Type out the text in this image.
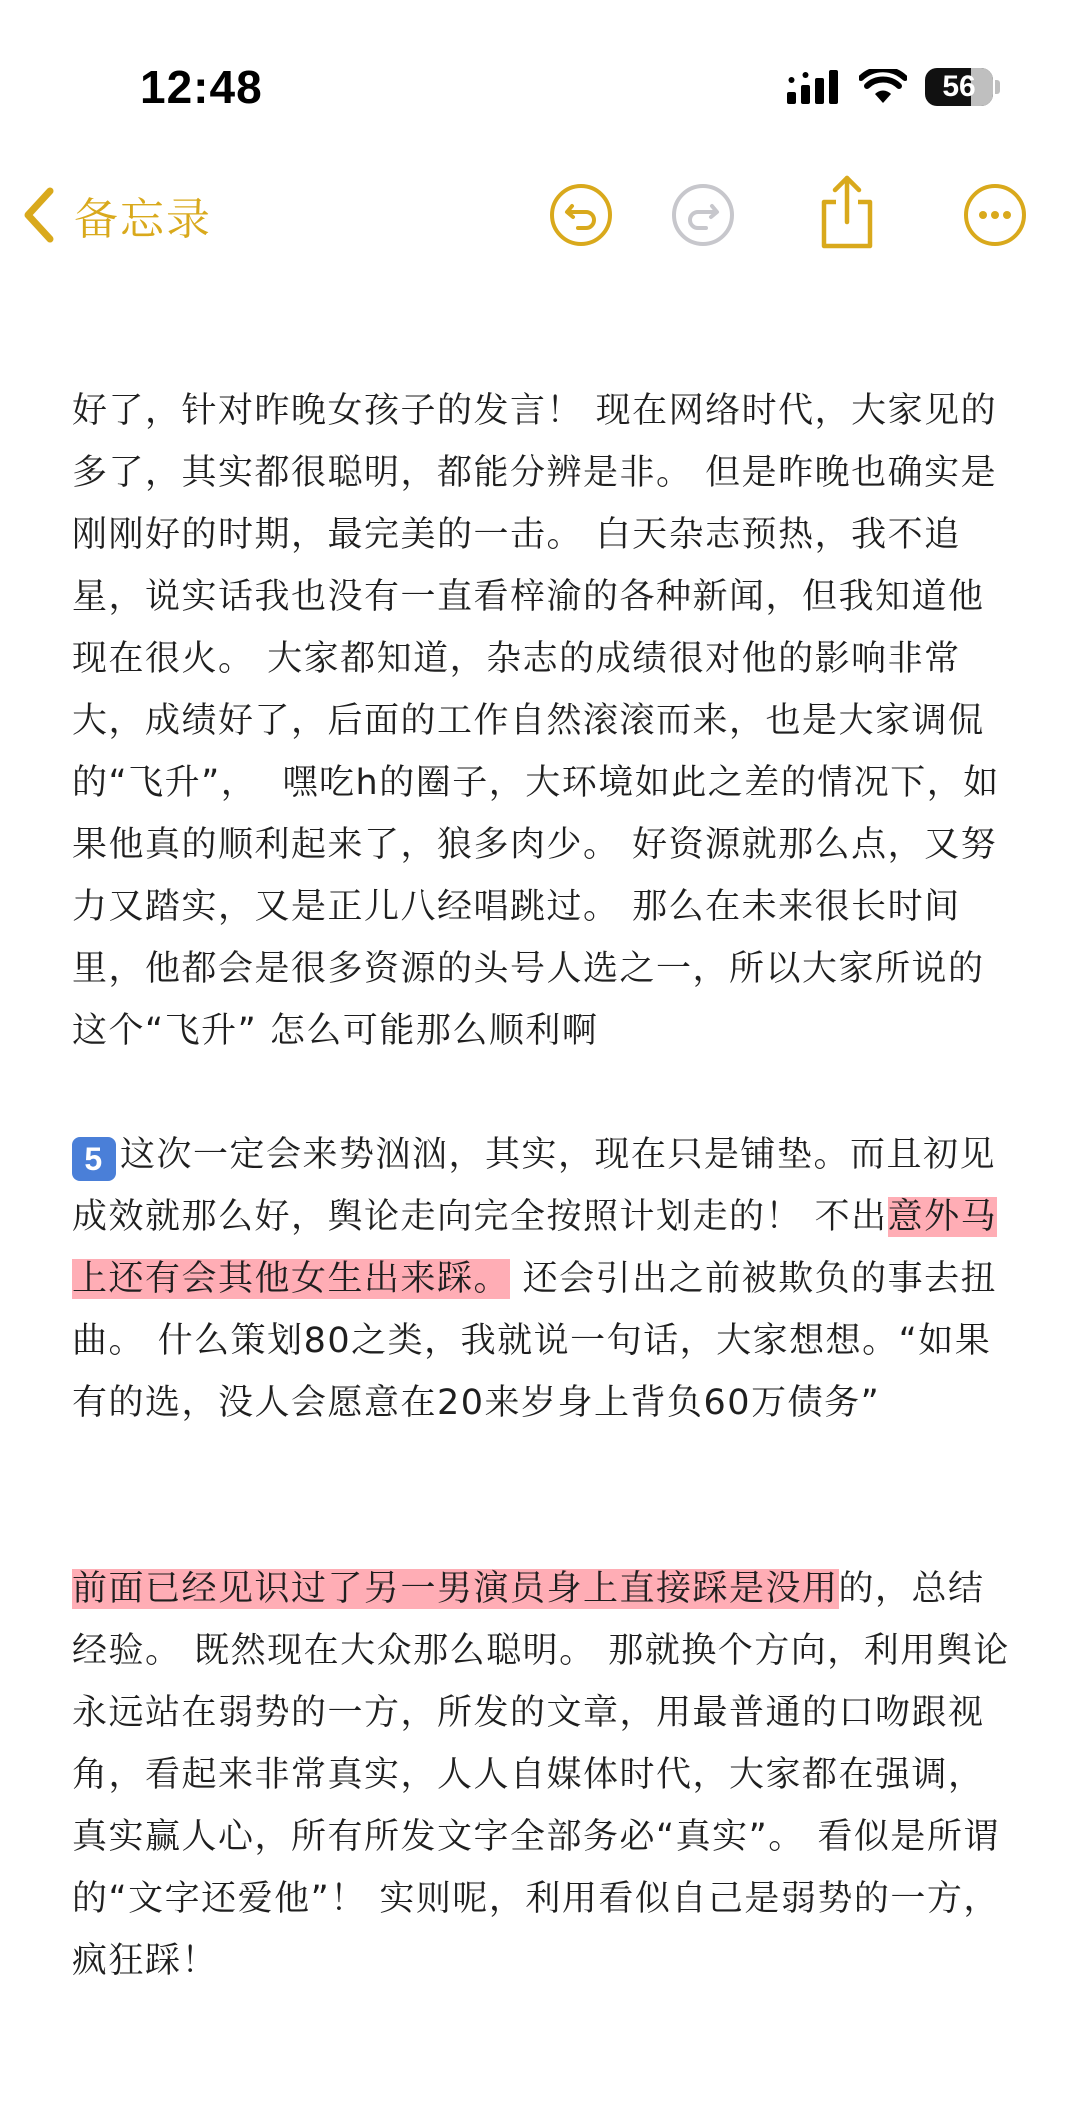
12:48	56
备忘录

好了，针对昨晚女孩子的发言！ 现在网络时代，大家见的多了，其实都很聪明，都能分辨是非。 但是昨晚也确实是刚刚好的时期，最完美的一击。 白天杂志预热，我不追星，说实话我也没有一直看梓渝的各种新闻，但我知道他现在很火。 大家都知道，杂志的成绩很对他的影响非常大，成绩好了，后面的工作自然滚滚而来，也是大家调侃的“飞升”，  嘿吃h的圈子，大环境如此之差的情况下，如果他真的顺利起来了，狼多肉少。 好资源就那么点，又努力又踏实，又是正儿八经唱跳过。 那么在未来很长时间里，他都会是很多资源的头号人选之一，所以大家所说的这个“飞升” 怎么可能那么顺利啊

5 这次一定会来势汹汹，其实，现在只是铺垫。而且初见成效就那么好，舆论走向完全按照计划走的！ 不出意外马上还有会其他女生出来踩。 还会引出之前被欺负的事去扭曲。 什么策划80之类，我就说一句话，大家想想。“如果有的选，没人会愿意在20来岁身上背负60万债务”

前面已经见识过了另一男演员身上直接踩是没用的，总结经验。 既然现在大众那么聪明。 那就换个方向，利用舆论永远站在弱势的一方，所发的文章，用最普通的口吻跟视角，看起来非常真实，人人自媒体时代，大家都在强调，真实赢人心，所有所发文字全部务必“真实”。 看似是所谓的“文字还爱他”！ 实则呢，利用看似自己是弱势的一方，疯狂踩！
